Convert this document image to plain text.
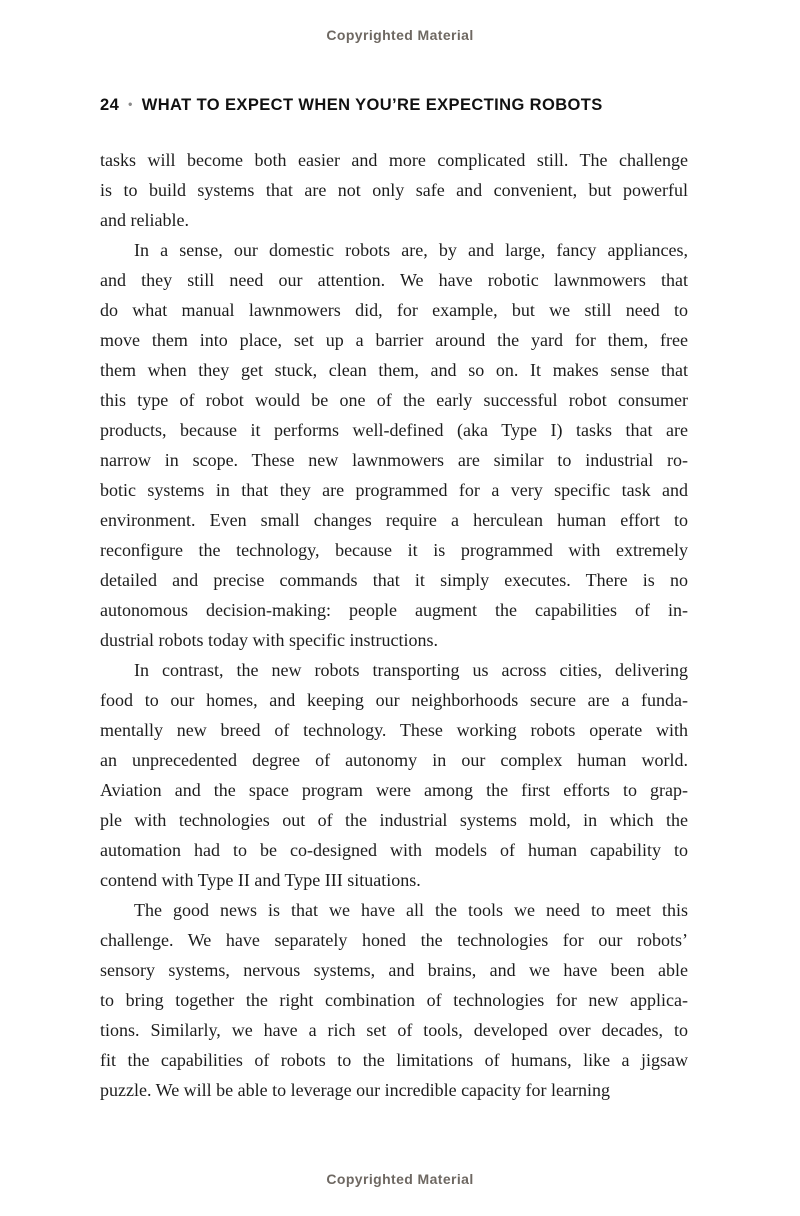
Copyrighted Material
24 • WHAT TO EXPECT WHEN YOU’RE EXPECTING ROBOTS
tasks will become both easier and more complicated still. The challenge
is to build systems that are not only safe and convenient, but powerful
and reliable.
In a sense, our domestic robots are, by and large, fancy appliances,
and they still need our attention. We have robotic lawnmowers that
do what manual lawnmowers did, for example, but we still need to
move them into place, set up a barrier around the yard for them, free
them when they get stuck, clean them, and so on. It makes sense that
this type of robot would be one of the early successful robot consumer
products, because it performs well-defined (aka Type I) tasks that are
narrow in scope. These new lawnmowers are similar to industrial ro-
botic systems in that they are programmed for a very specific task and
environment. Even small changes require a herculean human effort to
reconfigure the technology, because it is programmed with extremely
detailed and precise commands that it simply executes. There is no
autonomous decision-making: people augment the capabilities of in-
dustrial robots today with specific instructions.
In contrast, the new robots transporting us across cities, delivering
food to our homes, and keeping our neighborhoods secure are a funda-
mentally new breed of technology. These working robots operate with
an unprecedented degree of autonomy in our complex human world.
Aviation and the space program were among the first efforts to grap-
ple with technologies out of the industrial systems mold, in which the
automation had to be co-designed with models of human capability to
contend with Type II and Type III situations.
The good news is that we have all the tools we need to meet this
challenge. We have separately honed the technologies for our robots’
sensory systems, nervous systems, and brains, and we have been able
to bring together the right combination of technologies for new applica-
tions. Similarly, we have a rich set of tools, developed over decades, to
fit the capabilities of robots to the limitations of humans, like a jigsaw
puzzle. We will be able to leverage our incredible capacity for learning
Copyrighted Material
